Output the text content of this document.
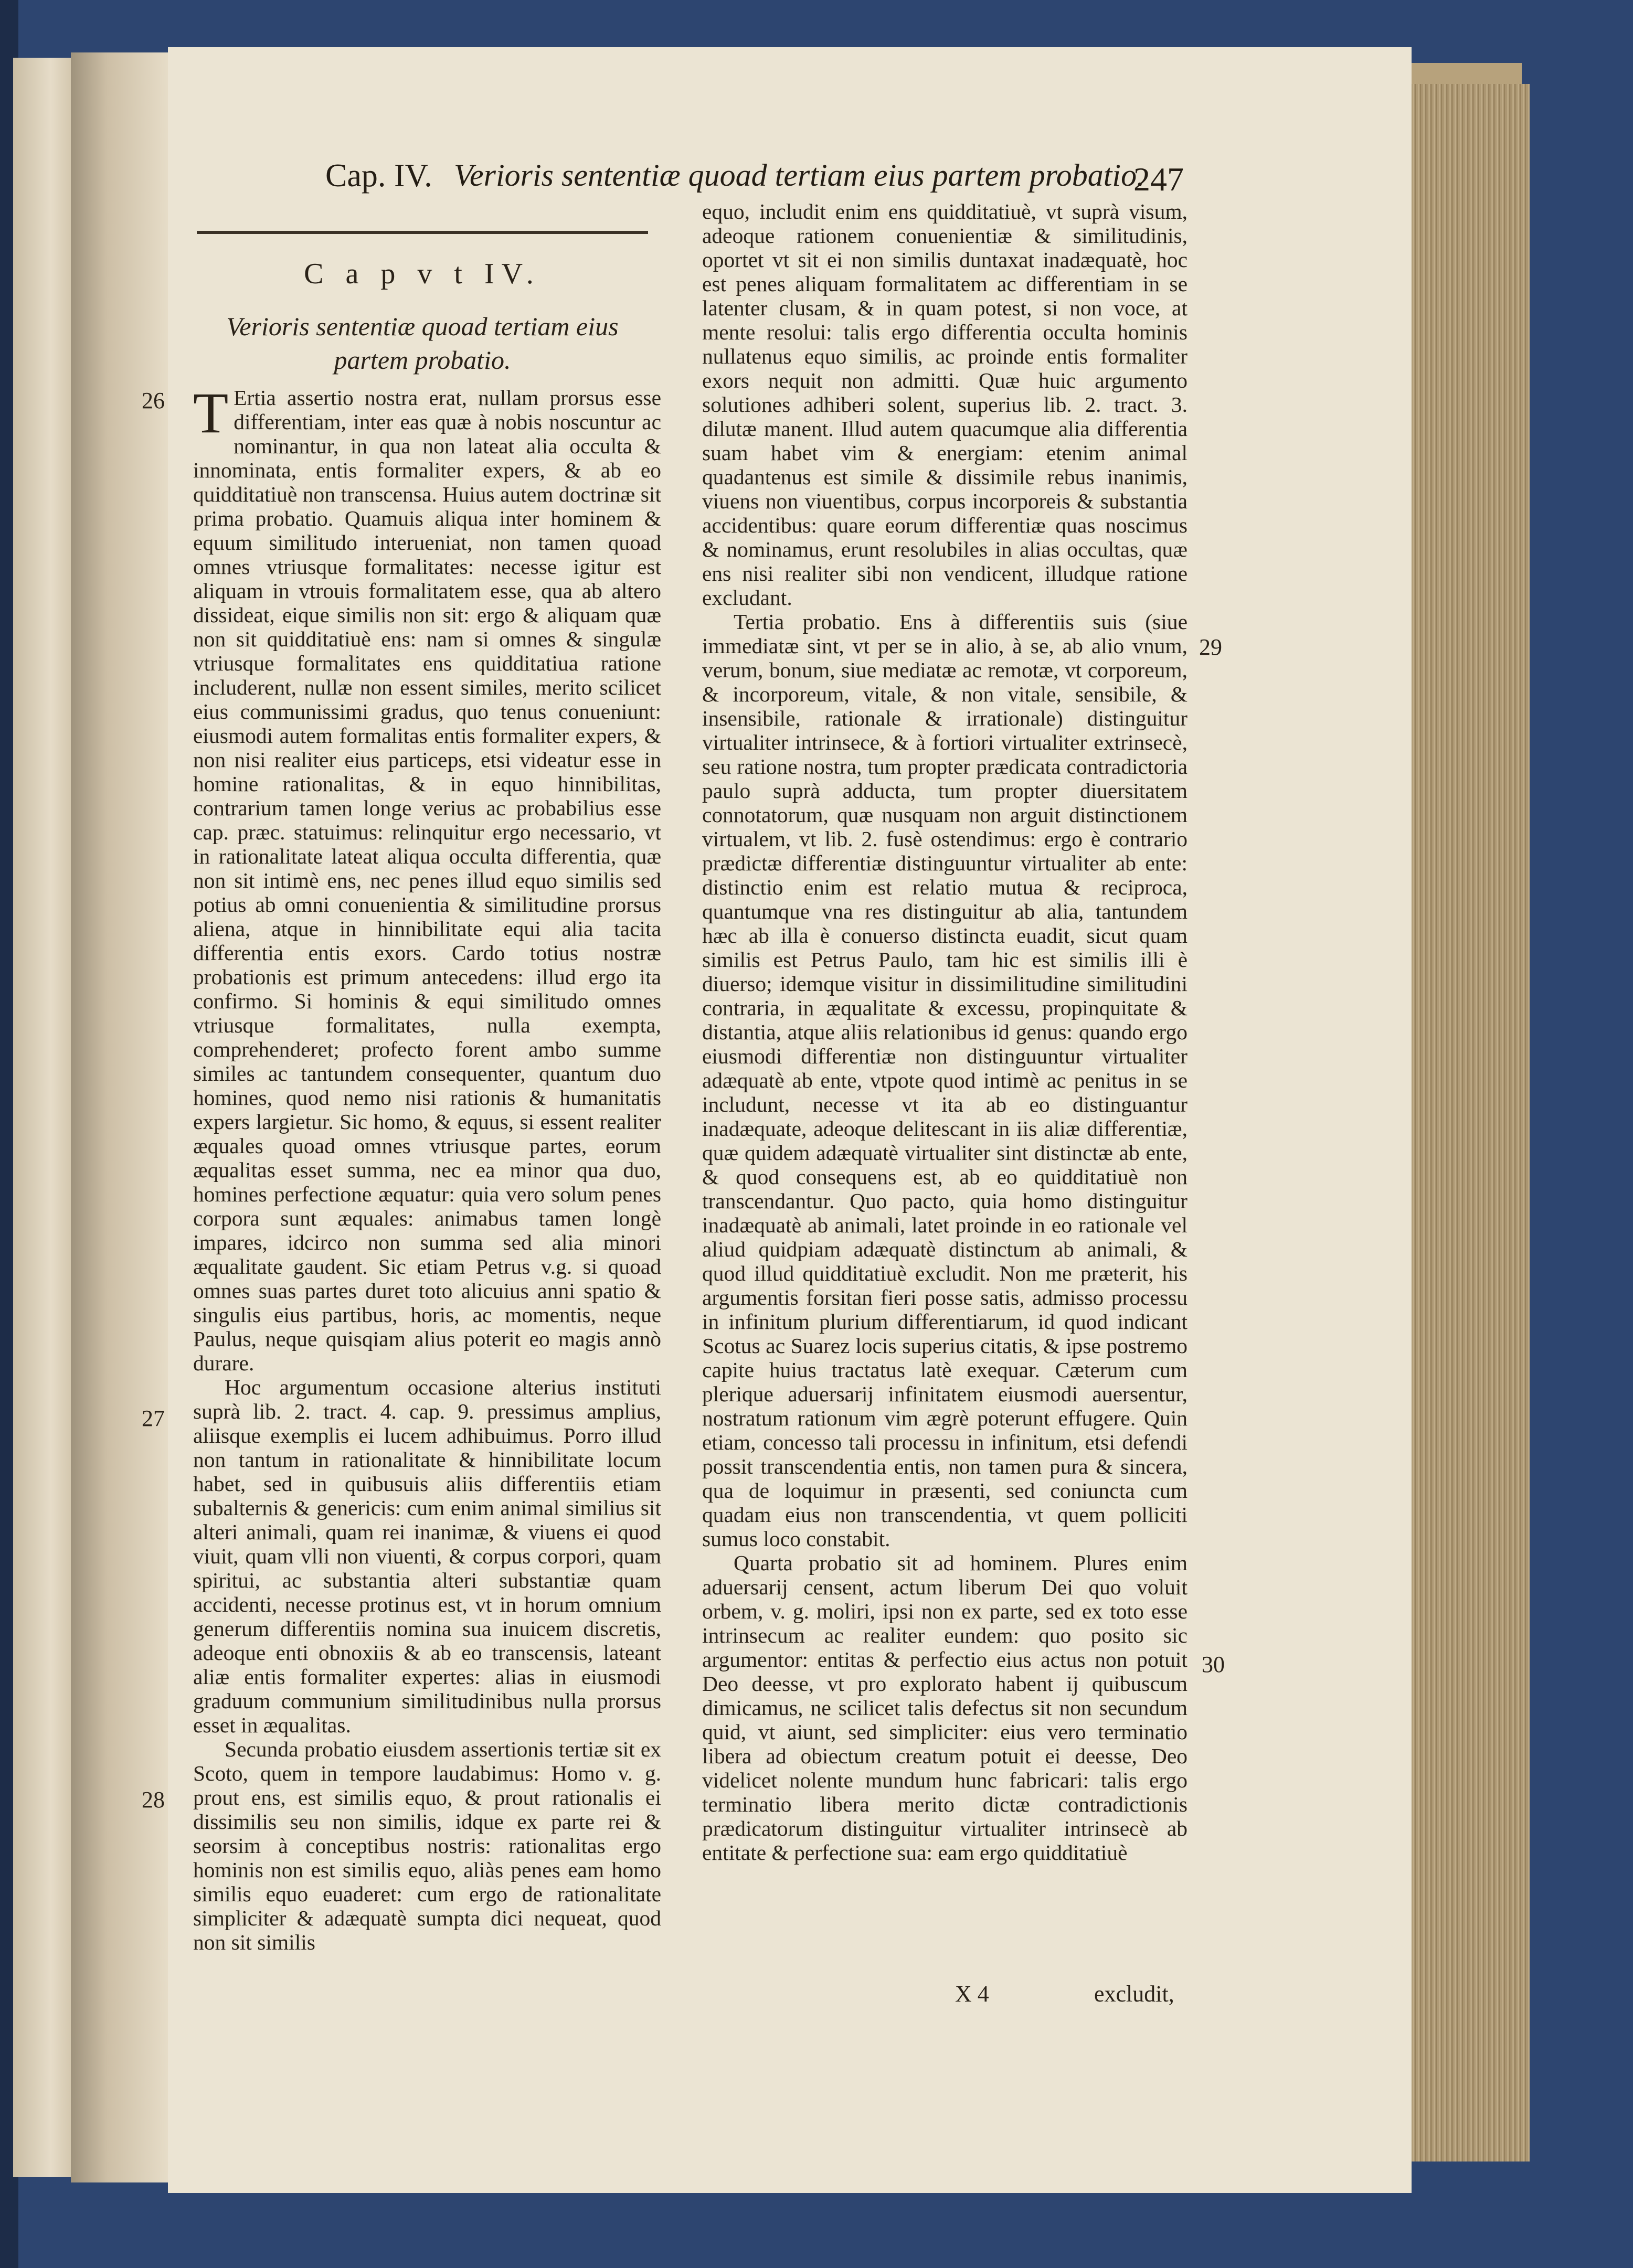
Cap. IV. Verioris sententiæ quoad tertiam eius partem probatio.
247
C a p v t IV.
Verioris sententiæ quoad tertiam eius partem probatio.

T Ertia assertio nostra erat, nullam prorsus esse differentiam, inter eas quæ à nobis noscuntur ac nominantur, in qua non lateat alia occulta & innominata, entis formaliter expers, & ab eo quidditatiuè non transcensa. Huius autem doctrinæ sit prima probatio. Quamuis aliqua inter hominem & equum similitudo interueniat, non tamen quoad omnes vtriusque formalitates: necesse igitur est aliquam in vtrouis formalitatem esse, qua ab altero dissideat, eique similis non sit: ergo & aliquam quæ non sit quidditatiuè ens: nam si omnes & singulæ vtriusque formalitates ens quidditatiua ratione includerent, nullæ non essent similes, merito scilicet eius communissimi gradus, quo tenus conueniunt: eiusmodi autem formalitas entis formaliter expers, & non nisi realiter eius particeps, etsi videatur esse in homine rationalitas, & in equo hinnibilitas, contrarium tamen longe verius ac probabilius esse cap. præc. statuimus: relinquitur ergo necessario, vt in rationalitate lateat aliqua occulta differentia, quæ non sit intimè ens, nec penes illud equo similis sed potius ab omni conuenientia & similitudine prorsus aliena, atque in hinnibilitate equi alia tacita differentia entis exors. Cardo totius nostræ probationis est primum antecedens: illud ergo ita confirmo. Si hominis & equi similitudo omnes vtriusque formalitates, nulla exempta, comprehenderet; profecto forent ambo summe similes ac tantundem consequenter, quantum duo homines, quod nemo nisi rationis & humanitatis expers largietur. Sic homo, & equus, si essent realiter æquales quoad omnes vtriusque partes, eorum æqualitas esset summa, nec ea minor qua duo, homines perfectione æquatur: quia vero solum penes corpora sunt æquales: animabus tamen longè impares, idcirco non summa sed alia minori æqualitate gaudent. Sic etiam Petrus v.g. si quoad omnes suas partes duret toto alicuius anni spatio & singulis eius partibus, horis, ac momentis, neque Paulus, neque quisqiam alius poterit eo magis annò durare.

Hoc argumentum occasione alterius instituti suprà lib. 2. tract. 4. cap. 9. pressimus amplius, aliisque exemplis ei lucem adhibuimus. Porro illud non tantum in rationalitate & hinnibilitate locum habet, sed in quibusuis aliis differentiis etiam subalternis & genericis: cum enim animal similius sit alteri animali, quam rei inanimæ, & viuens ei quod viuit, quam vlli non viuenti, & corpus corpori, quam spiritui, ac substantia alteri substantiæ quam accidenti, necesse protinus est, vt in horum omnium generum differentiis nomina sua inuicem discretis, adeoque enti obnoxiis & ab eo transcensis, lateant aliæ entis formaliter expertes: alias in eiusmodi graduum communium similitudinibus nulla prorsus esset in æqualitas.

Secunda probatio eiusdem assertionis tertiæ sit ex Scoto, quem in tempore laudabimus: Homo v. g. prout ens, est similis equo, & prout rationalis ei dissimilis seu non similis, idque ex parte rei & seorsim à conceptibus nostris: rationalitas ergo hominis non est similis equo, aliàs penes eam homo similis equo euaderet: cum ergo de rationalitate simpliciter & adæquatè sumpta dici nequeat, quod non sit similis

equo, includit enim ens quidditatiuè, vt suprà visum, adeoque rationem conuenientiæ & similitudinis, oportet vt sit ei non similis duntaxat inadæquatè, hoc est penes aliquam formalitatem ac differentiam in se latenter clusam, & in quam potest, si non voce, at mente resolui: talis ergo differentia occulta hominis nullatenus equo similis, ac proinde entis formaliter exors nequit non admitti. Quæ huic argumento solutiones adhiberi solent, superius lib. 2. tract. 3. dilutæ manent. Illud autem quacumque alia differentia suam habet vim & energiam: etenim animal quadantenus est simile & dissimile rebus inanimis, viuens non viuentibus, corpus incorporeis & substantia accidentibus: quare eorum differentiæ quas noscimus & nominamus, erunt resolubiles in alias occultas, quæ ens nisi realiter sibi non vendicent, illudque ratione excludant.

Tertia probatio. Ens à differentiis suis (siue immediatæ sint, vt per se in alio, à se, ab alio vnum, verum, bonum, siue mediatæ ac remotæ, vt corporeum, & incorporeum, vitale, & non vitale, sensibile, & insensibile, rationale & irrationale) distinguitur virtualiter intrinsece, & à fortiori virtualiter extrinsecè, seu ratione nostra, tum propter prædicata contradictoria paulo suprà adducta, tum propter diuersitatem connotatorum, quæ nusquam non arguit distinctionem virtualem, vt lib. 2. fusè ostendimus: ergo è contrario prædictæ differentiæ distinguuntur virtualiter ab ente: distinctio enim est relatio mutua & reciproca, quantumque vna res distinguitur ab alia, tantundem hæc ab illa è conuerso distincta euadit, sicut quam similis est Petrus Paulo, tam hic est similis illi è diuerso; idemque visitur in dissimilitudine similitudini contraria, in æqualitate & excessu, propinquitate & distantia, atque aliis relationibus id genus: quando ergo eiusmodi differentiæ non distinguuntur virtualiter adæquatè ab ente, vtpote quod intimè ac penitus in se includunt, necesse vt ita ab eo distinguantur inadæquate, adeoque delitescant in iis aliæ differentiæ, quæ quidem adæquatè virtualiter sint distinctæ ab ente, & quod consequens est, ab eo quidditatiuè non transcendantur. Quo pacto, quia homo distinguitur inadæquatè ab animali, latet proinde in eo rationale vel aliud quidpiam adæquatè distinctum ab animali, & quod illud quidditatiuè excludit. Non me præterit, his argumentis forsitan fieri posse satis, admisso processu in infinitum plurium differentiarum, id quod indicant Scotus ac Suarez locis superius citatis, & ipse postremo capite huius tractatus latè exequar. Cæterum cum plerique aduersarij infinitatem eiusmodi auersentur, nostratum rationum vim ægrè poterunt effugere. Quin etiam, concesso tali processu in infinitum, etsi defendi possit transcendentia entis, non tamen pura & sincera, qua de loquimur in præsenti, sed coniuncta cum quadam eius non transcendentia, vt quem polliciti sumus loco constabit.

Quarta probatio sit ad hominem. Plures enim aduersarij censent, actum liberum Dei quo voluit orbem, v. g. moliri, ipsi non ex parte, sed ex toto esse intrinsecum ac realiter eundem: quo posito sic argumentor: entitas & perfectio eius actus non potuit Deo deesse, vt pro explorato habent ij quibuscum dimicamus, ne scilicet talis defectus sit non secundum quid, vt aiunt, sed simpliciter: eius vero terminatio libera ad obiectum creatum potuit ei deesse, Deo videlicet nolente mundum hunc fabricari: talis ergo terminatio libera merito dictæ contradictionis prædicatorum distinguitur virtualiter intrinsecè ab entitate & perfectione sua: eam ergo quidditatiuè

26
27
28
29
30
X 4	excludit,
